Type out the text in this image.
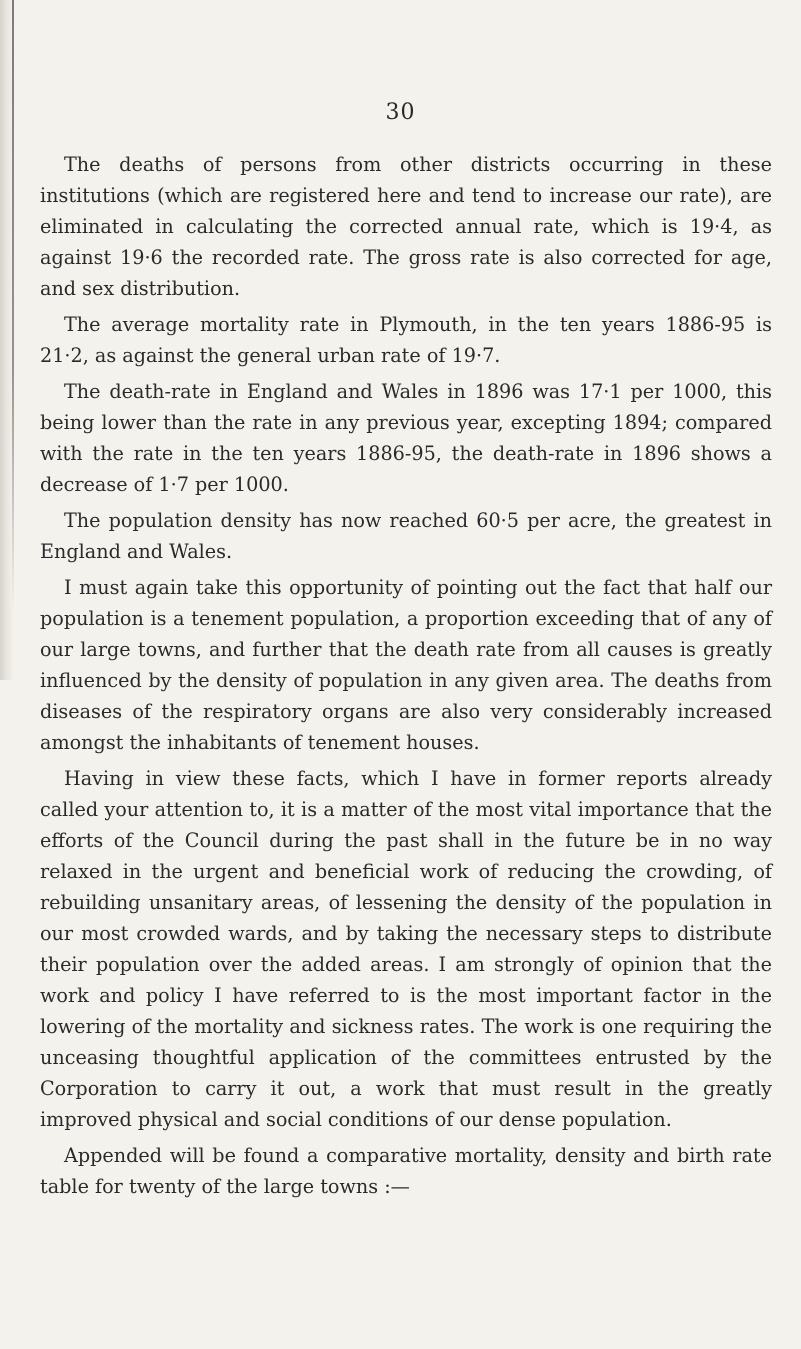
30

The deaths of persons from other districts occurring in these institutions (which are registered here and tend to increase our rate), are eliminated in calculating the corrected annual rate, which is 19·4, as against 19·6 the recorded rate. The gross rate is also corrected for age, and sex distribution.

The average mortality rate in Plymouth, in the ten years 1886-95 is 21·2, as against the general urban rate of 19·7.

The death-rate in England and Wales in 1896 was 17·1 per 1000, this being lower than the rate in any previous year, excepting 1894; compared with the rate in the ten years 1886-95, the death-rate in 1896 shows a decrease of 1·7 per 1000.

The population density has now reached 60·5 per acre, the greatest in England and Wales.

I must again take this opportunity of pointing out the fact that half our population is a tenement population, a proportion exceeding that of any of our large towns, and further that the death rate from all causes is greatly influenced by the density of population in any given area. The deaths from diseases of the respiratory organs are also very considerably increased amongst the inhabitants of tenement houses.

Having in view these facts, which I have in former reports already called your attention to, it is a matter of the most vital importance that the efforts of the Council during the past shall in the future be in no way relaxed in the urgent and beneficial work of reducing the crowding, of rebuilding unsanitary areas, of lessening the density of the population in our most crowded wards, and by taking the necessary steps to distribute their population over the added areas. I am strongly of opinion that the work and policy I have referred to is the most important factor in the lowering of the mortality and sickness rates. The work is one requiring the unceasing thoughtful application of the committees entrusted by the Corporation to carry it out, a work that must result in the greatly improved physical and social conditions of our dense population.

Appended will be found a comparative mortality, density and birth rate table for twenty of the large towns :—
